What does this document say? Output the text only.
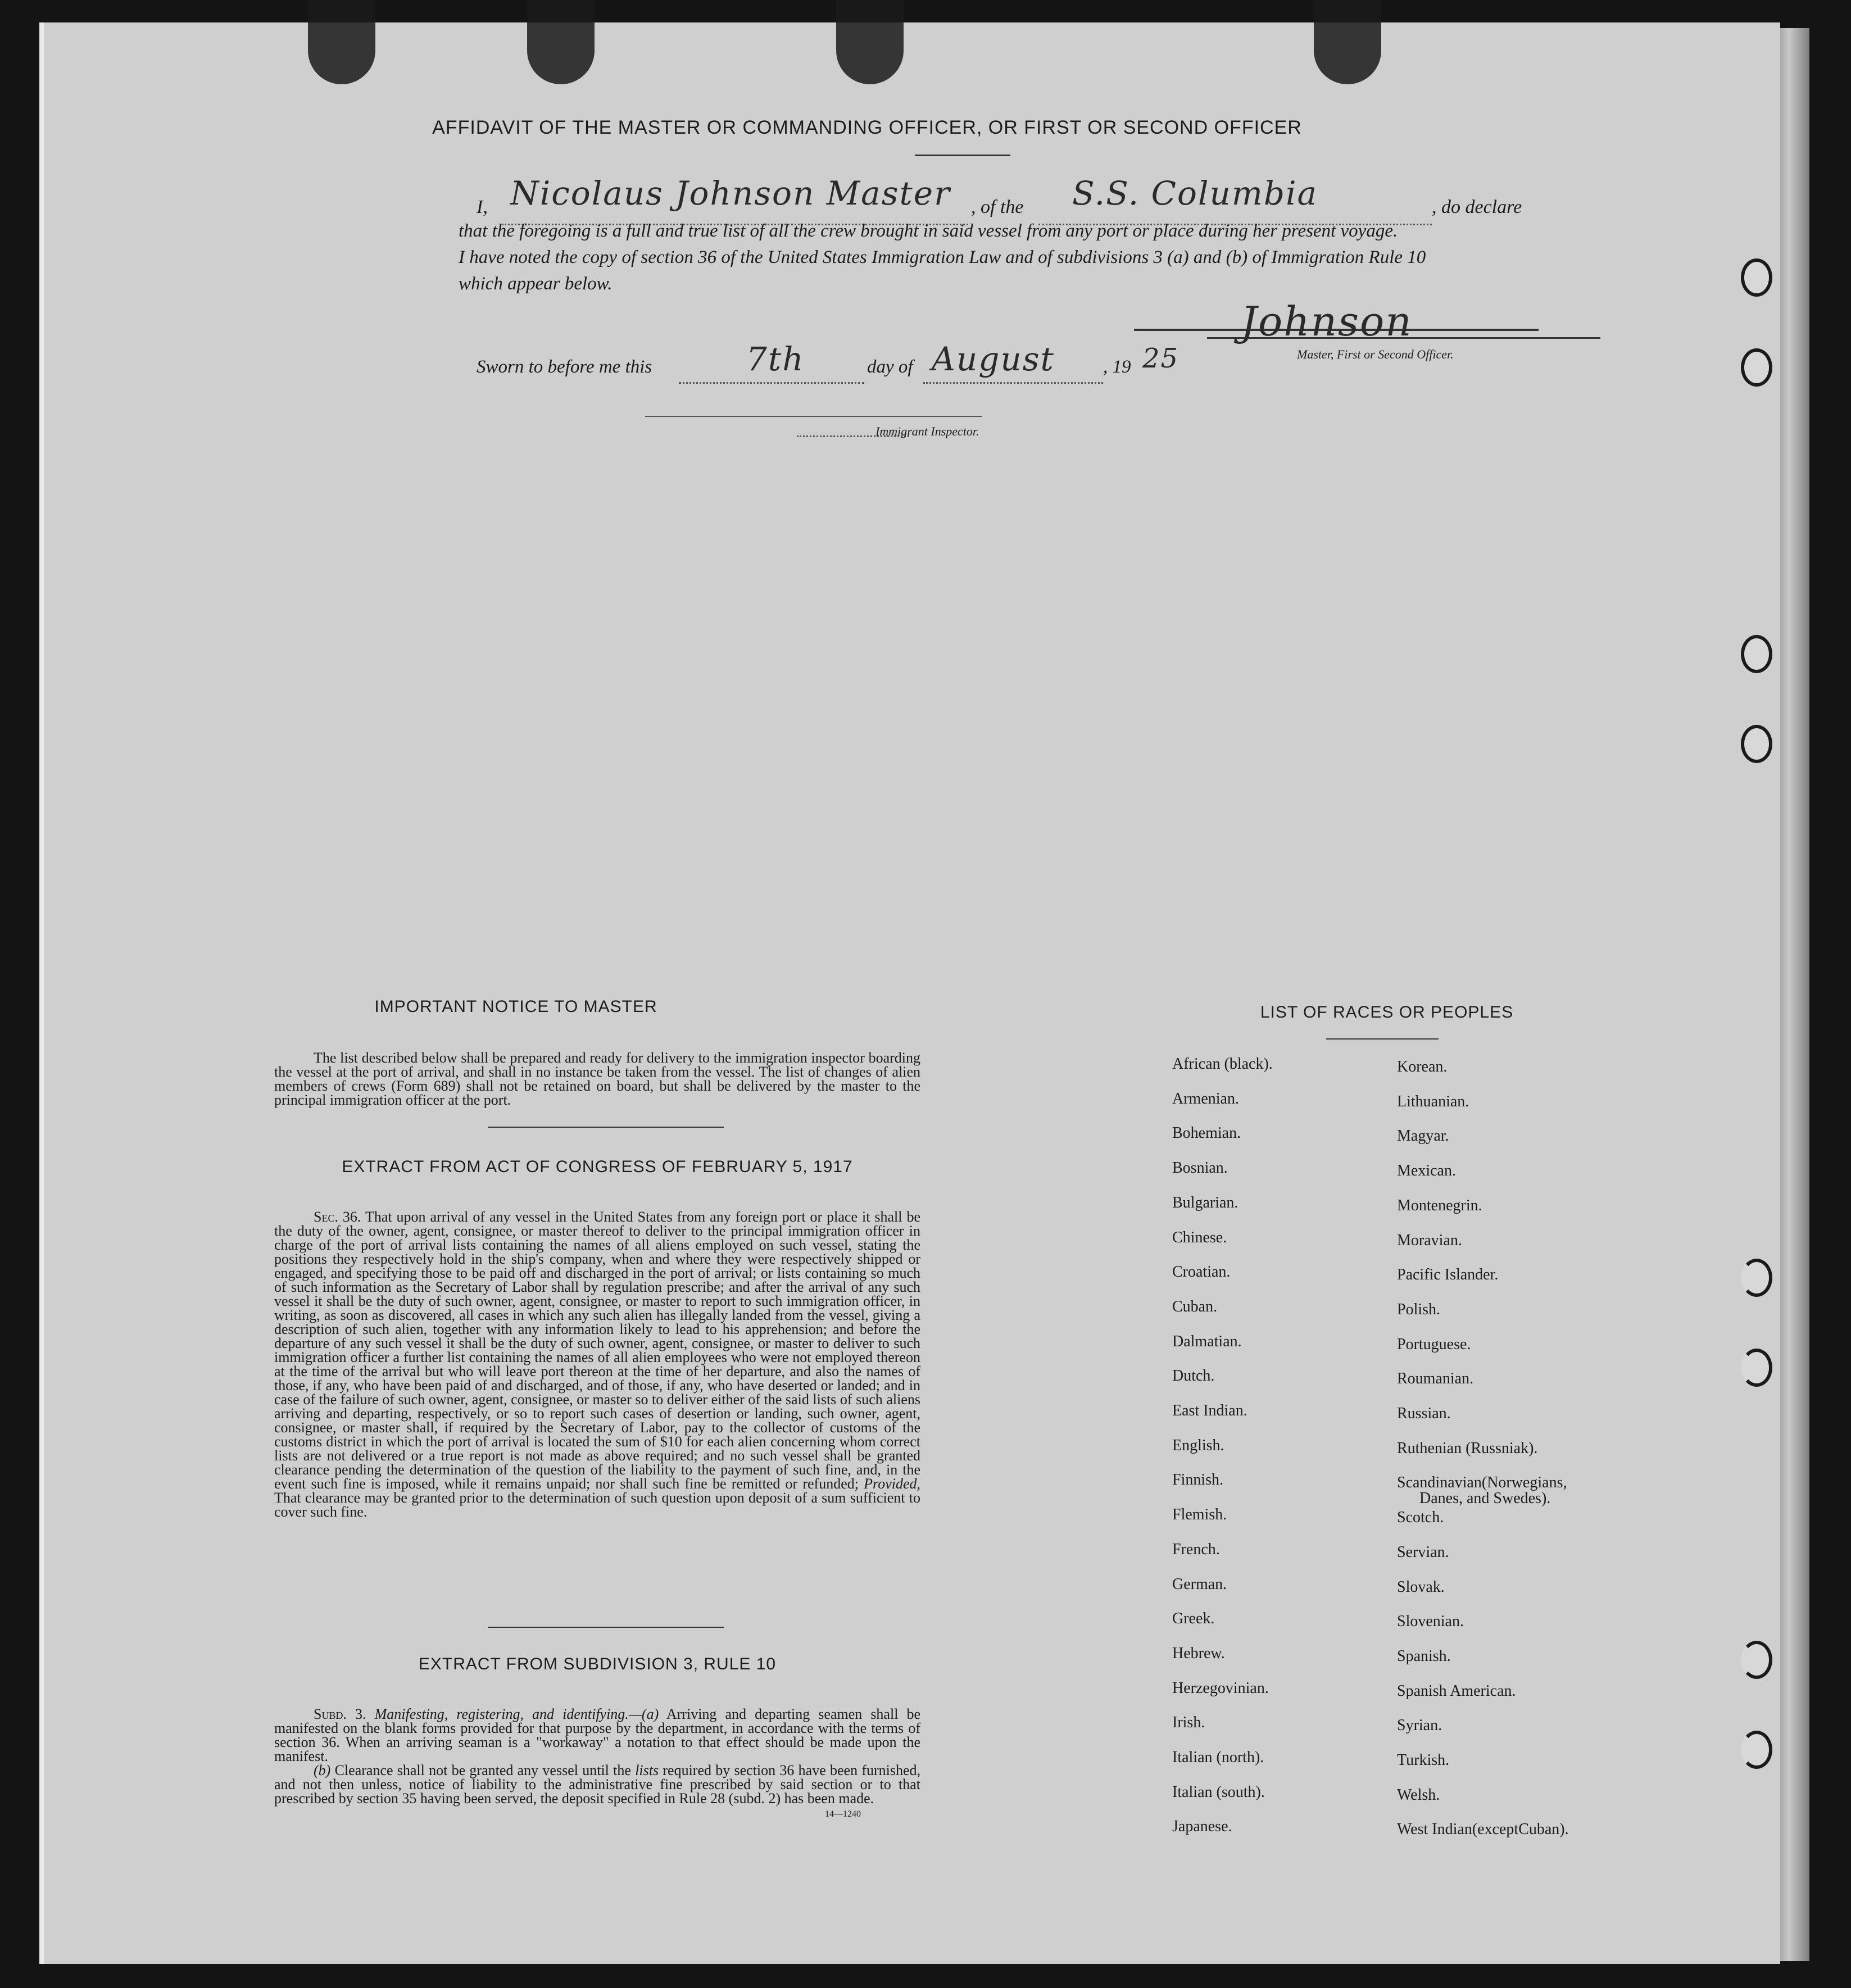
AFFIDAVIT OF THE MASTER OR COMMANDING OFFICER, OR FIRST OR SECOND OFFICER
I, Nicolaus Johnson Master , of the S.S. Columbia	, do declare
that the foregoing is a full and true list of all the crew brought in said vessel from any port or place during her present voyage.
I have noted the copy of section 36 of the United States Immigration Law and of subdivisions 3 (a) and (b) of Immigration Rule 10
which appear below.
Sworn to before me this	7th	day of August	, 19 25
Johnson
Master, First or Second Officer.
Immigrant Inspector.
IMPORTANT NOTICE TO MASTER
The list described below shall be prepared and ready for delivery to the immigration inspector boarding the vessel at the port of arrival, and shall in no instance be taken from the vessel. The list of changes of alien members of crews (Form 689) shall not be retained on board, but shall be delivered by the master to the principal immigration officer at the port.
EXTRACT FROM ACT OF CONGRESS OF FEBRUARY 5, 1917
Sec. 36. That upon arrival of any vessel in the United States from any foreign port or place it shall be the duty of the owner, agent, consignee, or master thereof to deliver to the principal immigration officer in charge of the port of arrival lists containing the names of all aliens employed on such vessel, stating the positions they respectively hold in the ship's company, when and where they were respectively shipped or engaged, and specifying those to be paid off and discharged in the port of arrival; or lists containing so much of such information as the Secretary of Labor shall by regulation prescribe; and after the arrival of any such vessel it shall be the duty of such owner, agent, consignee, or master to report to such immigration officer, in writing, as soon as discovered, all cases in which any such alien has illegally landed from the vessel, giving a description of such alien, together with any information likely to lead to his apprehension; and before the departure of any such vessel it shall be the duty of such owner, agent, consignee, or master to deliver to such immigration officer a further list containing the names of all alien employees who were not employed thereon at the time of the arrival but who will leave port thereon at the time of her departure, and also the names of those, if any, who have been paid of and discharged, and of those, if any, who have deserted or landed; and in case of the failure of such owner, agent, consignee, or master so to deliver either of the said lists of such aliens arriving and departing, respectively, or so to report such cases of desertion or landing, such owner, agent, consignee, or master shall, if required by the Secretary of Labor, pay to the collector of customs of the customs district in which the port of arrival is located the sum of $10 for each alien concerning whom correct lists are not delivered or a true report is not made as above required; and no such vessel shall be granted clearance pending the determination of the question of the liability to the payment of such fine, and, in the event such fine is imposed, while it remains unpaid; nor shall such fine be remitted or refunded; Provided, That clearance may be granted prior to the determination of such question upon deposit of a sum sufficient to cover such fine.
EXTRACT FROM SUBDIVISION 3, RULE 10
Subd. 3. Manifesting, registering, and identifying.—(a) Arriving and departing seamen shall be manifested on the blank forms provided for that purpose by the department, in accordance with the terms of section 36. When an arriving seaman is a "workaway" a notation to that effect should be made upon the manifest.
(b) Clearance shall not be granted any vessel until the lists required by section 36 have been furnished, and not then unless, notice of liability to the administrative fine prescribed by said section or to that prescribed by section 35 having been served, the deposit specified in Rule 28 (subd. 2) has been made.
14—1240
LIST OF RACES OR PEOPLES
African (black).
Armenian.
Bohemian.
Bosnian.
Bulgarian.
Chinese.
Croatian.
Cuban.
Dalmatian.
Dutch.
East Indian.
English.
Finnish.
Flemish.
French.
German.
Greek.
Hebrew.
Herzegovinian.
Irish.
Italian (north).
Italian (south).
Japanese.
Korean.
Lithuanian.
Magyar.
Mexican.
Montenegrin.
Moravian.
Pacific Islander.
Polish.
Portuguese.
Roumanian.
Russian.
Ruthenian (Russniak).
Scandinavian(Norwegians,
Scotch.
Servian.
Slovak.
Slovenian.
Spanish.
Spanish American.
Syrian.
Turkish.
Welsh.
West Indian(exceptCuban).
Danes, and Swedes).
